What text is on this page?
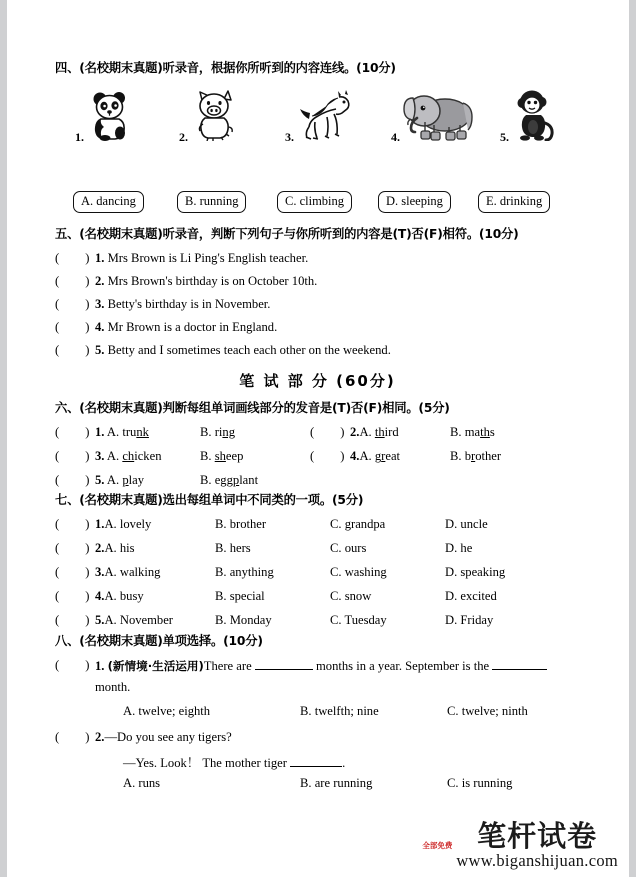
四、(名校期末真题)听录音，根据你所听到的内容连线。(10分)
1.	2.	3.	4.	5.
A. dancing	B. running	C. climbing	D. sleeping	E. drinking
五、(名校期末真题)听录音，判断下列句子与你所听到的内容是(T)否(F)相符。(10分)
( ) 1. Mrs Brown is Li Ping's English teacher.
( ) 2. Mrs Brown's birthday is on October 10th.
( ) 3. Betty's birthday is in November.
( ) 4. Mr Brown is a doctor in England.
( ) 5. Betty and I sometimes teach each other on the weekend.
笔 试 部 分 (60分)
六、(名校期末真题)判断每组单词画线部分的发音是(T)否(F)相同。(5分)
( ) 1. A. trunk	B. ring	( ) 2.A. third	B. maths
( ) 3. A. chicken	B. sheep	( ) 4.A. great	B. brother
( ) 5. A. play	B. eggplant
七、(名校期末真题)选出每组单词中不同类的一项。(5分)
( ) 1.A. lovely	B. brother	C. grandpa	D. uncle
( ) 2.A. his	B. hers	C. ours	D. he
( ) 3.A. walking	B. anything	C. washing	D. speaking
( ) 4.A. busy	B. special	C. snow	D. excited
( ) 5.A. November	B. Monday	C. Tuesday	D. Friday
八、(名校期末真题)单项选择。(10分)
( ) 1. (新情境·生活运用)There are	months in a year. September is the
month.
A. twelve; eighth	B. twelfth; nine	C. twelve; ninth
( ) 2.—Do you see any tigers?
—Yes. Look！ The mother tiger	.
A. runs	B. are running	C. is running
全部免费 笔杆试卷
www.biganshijuan.com
